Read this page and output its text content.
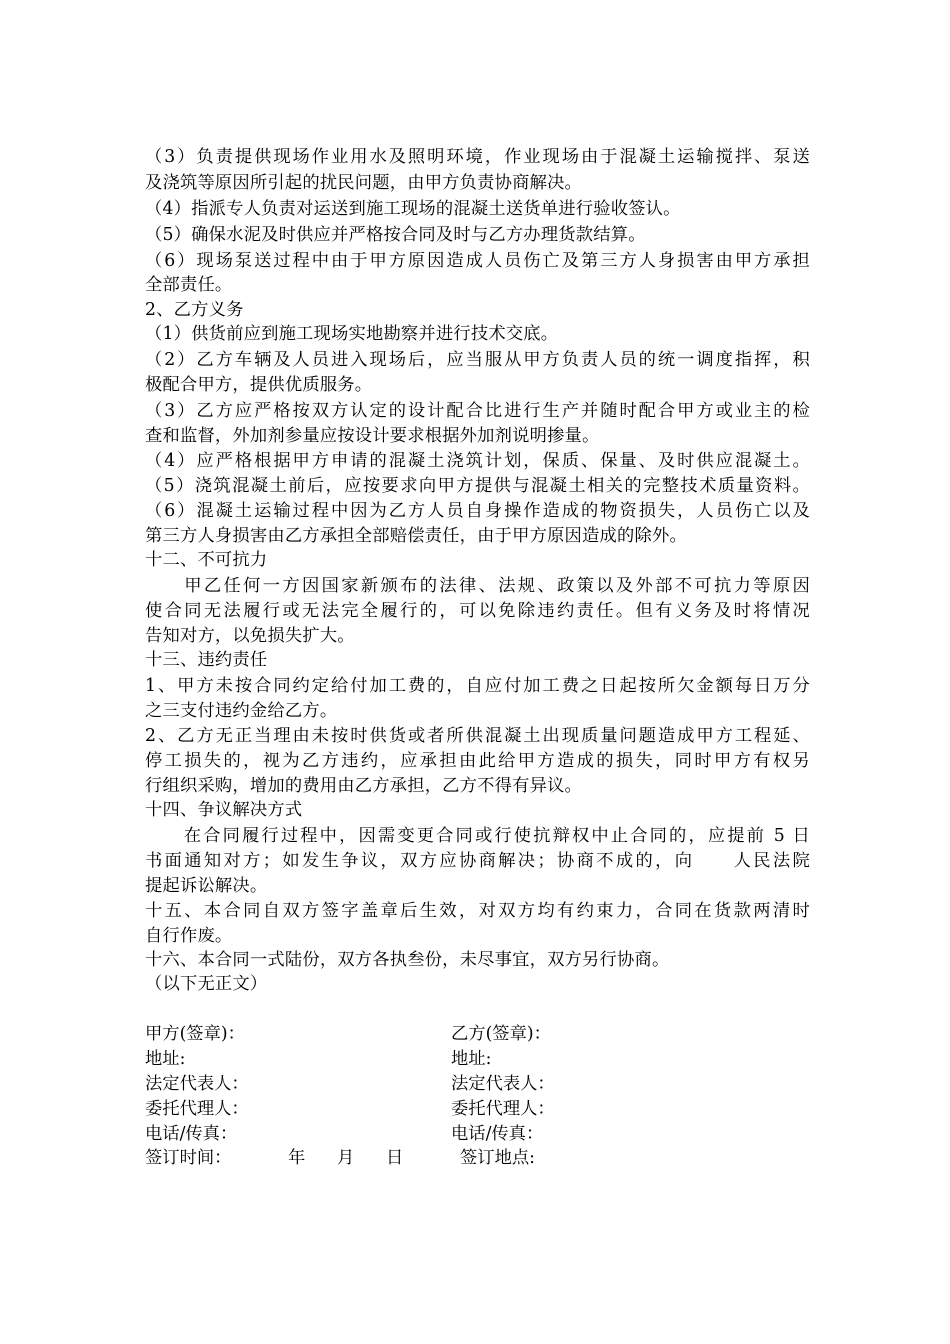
（3）负责提供现场作业用水及照明环境，作业现场由于混凝土运输搅拌、泵送
及浇筑等原因所引起的扰民问题，由甲方负责协商解决。
（4）指派专人负责对运送到施工现场的混凝土送货单进行验收签认。
（5）确保水泥及时供应并严格按合同及时与乙方办理货款结算。
（6）现场泵送过程中由于甲方原因造成人员伤亡及第三方人身损害由甲方承担
全部责任。
2、乙方义务
（1）供货前应到施工现场实地勘察并进行技术交底。
（2）乙方车辆及人员进入现场后，应当服从甲方负责人员的统一调度指挥，积
极配合甲方，提供优质服务。
（3）乙方应严格按双方认定的设计配合比进行生产并随时配合甲方或业主的检
查和监督，外加剂参量应按设计要求根据外加剂说明掺量。
（4）应严格根据甲方申请的混凝土浇筑计划，保质、保量、及时供应混凝土。
（5）浇筑混凝土前后，应按要求向甲方提供与混凝土相关的完整技术质量资料。
（6）混凝土运输过程中因为乙方人员自身操作造成的物资损失，人员伤亡以及
第三方人身损害由乙方承担全部赔偿责任，由于甲方原因造成的除外。
十二、不可抗力
　　甲乙任何一方因国家新颁布的法律、法规、政策以及外部不可抗力等原因
使合同无法履行或无法完全履行的，可以免除违约责任。但有义务及时将情况
告知对方，以免损失扩大。
十三、违约责任
1、甲方未按合同约定给付加工费的，自应付加工费之日起按所欠金额每日万分
之三支付违约金给乙方。
2、乙方无正当理由未按时供货或者所供混凝土出现质量问题造成甲方工程延、
停工损失的，视为乙方违约，应承担由此给甲方造成的损失，同时甲方有权另
行组织采购，增加的费用由乙方承担，乙方不得有异议。
十四、争议解决方式
　　在合同履行过程中，因需变更合同或行使抗辩权中止合同的，应提前 5 日
书面通知对方；如发生争议，双方应协商解决；协商不成的，向　　人民法院
提起诉讼解决。
十五、本合同自双方签字盖章后生效，对双方均有约束力，合同在货款两清时
自行作废。
十六、本合同一式陆份，双方各执叁份，未尽事宜，双方另行协商。
（以下无正文）
甲方(签章)：
地址:
法定代表人：
委托代理人：
电话/传真：
签订时间：	年 月 日
乙方(签章)：
地址:
法定代表人：
委托代理人：
电话/传真：
签订地点:
